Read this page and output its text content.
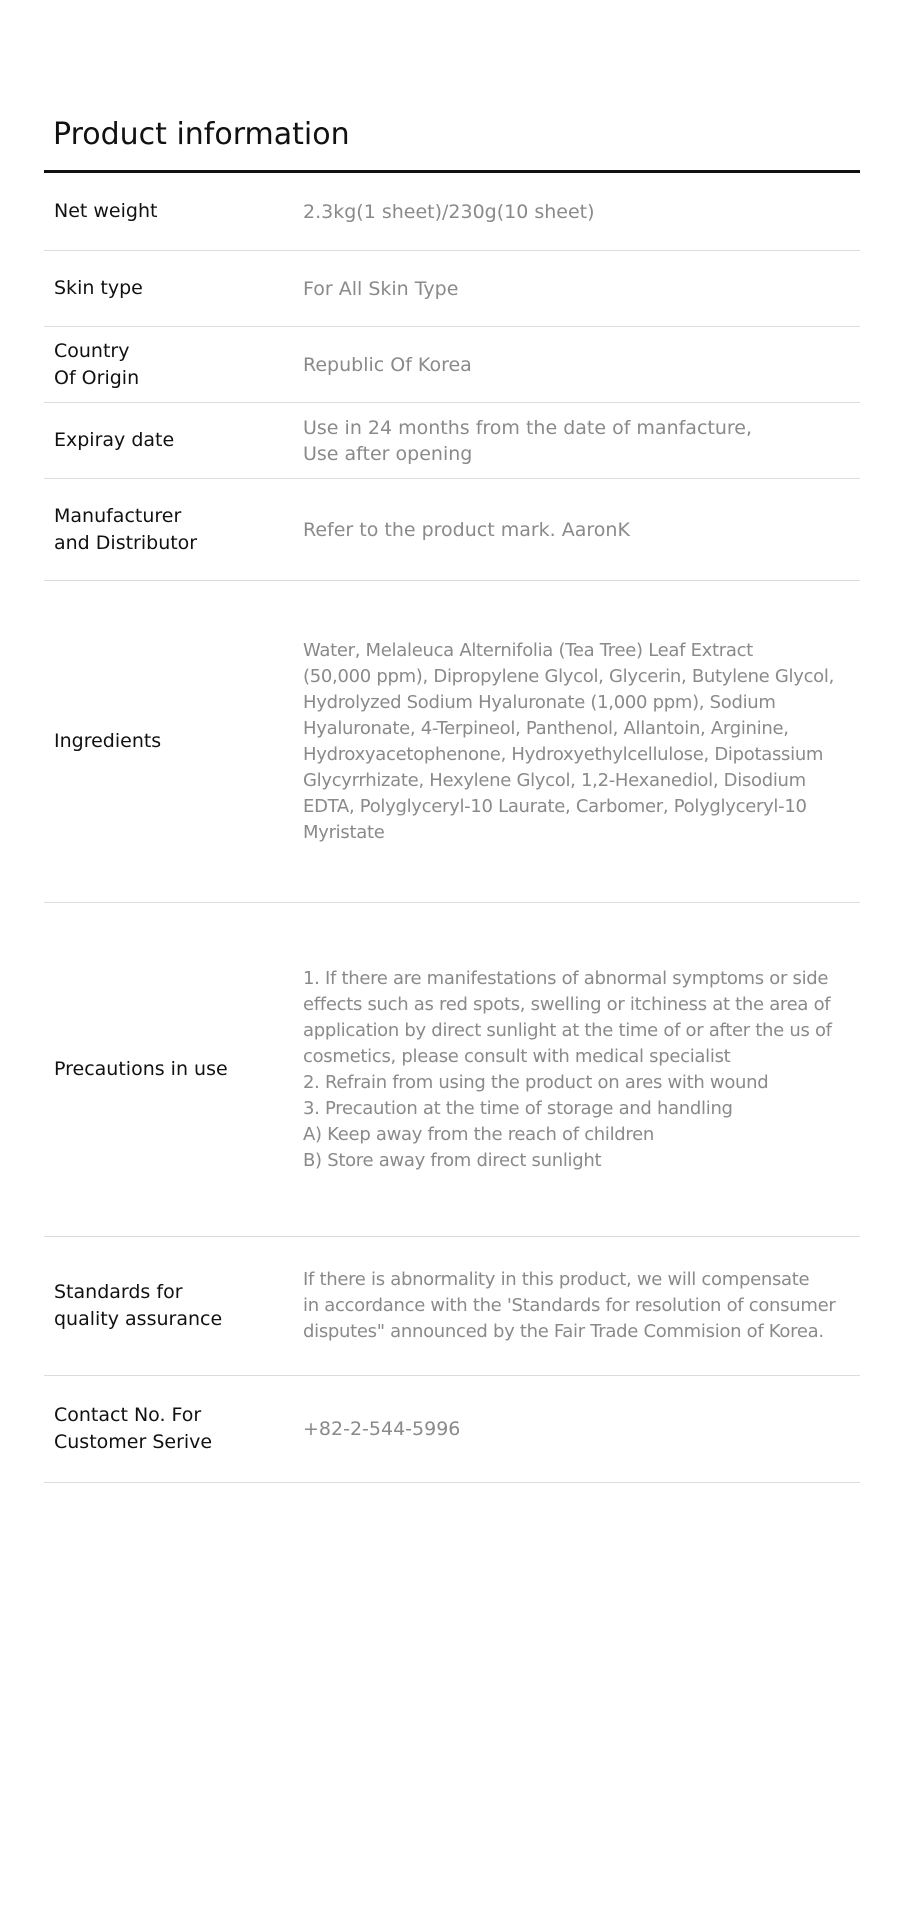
Product information
Net weight	2.3kg(1 sheet)/230g(10 sheet)
Skin type	For All Skin Type
Country
Of Origin
Republic Of Korea
Expiray date
Use in 24 months from the date of manfacture,
Use after opening
Manufacturer
and Distributor
Refer to the product mark. AaronK
Ingredients
Water, Melaleuca Alternifolia (Tea Tree) Leaf Extract
(50,000 ppm), Dipropylene Glycol, Glycerin, Butylene Glycol,
Hydrolyzed Sodium Hyaluronate (1,000 ppm), Sodium
Hyaluronate, 4-Terpineol, Panthenol, Allantoin, Arginine,
Hydroxyacetophenone, Hydroxyethylcellulose, Dipotassium
Glycyrrhizate, Hexylene Glycol, 1,2-Hexanediol, Disodium
EDTA, Polyglyceryl-10 Laurate, Carbomer, Polyglyceryl-10
Myristate
Precautions in use
1. If there are manifestations of abnormal symptoms or side
effects such as red spots, swelling or itchiness at the area of
application by direct sunlight at the time of or after the us of
cosmetics, please consult with medical specialist
2. Refrain from using the product on ares with wound
3. Precaution at the time of storage and handling
A) Keep away from the reach of children
B) Store away from direct sunlight
Standards for
quality assurance
If there is abnormality in this product, we will compensate
in accordance with the 'Standards for resolution of consumer
disputes" announced by the Fair Trade Commision of Korea.
Contact No. For
Customer Serive
+82-2-544-5996
